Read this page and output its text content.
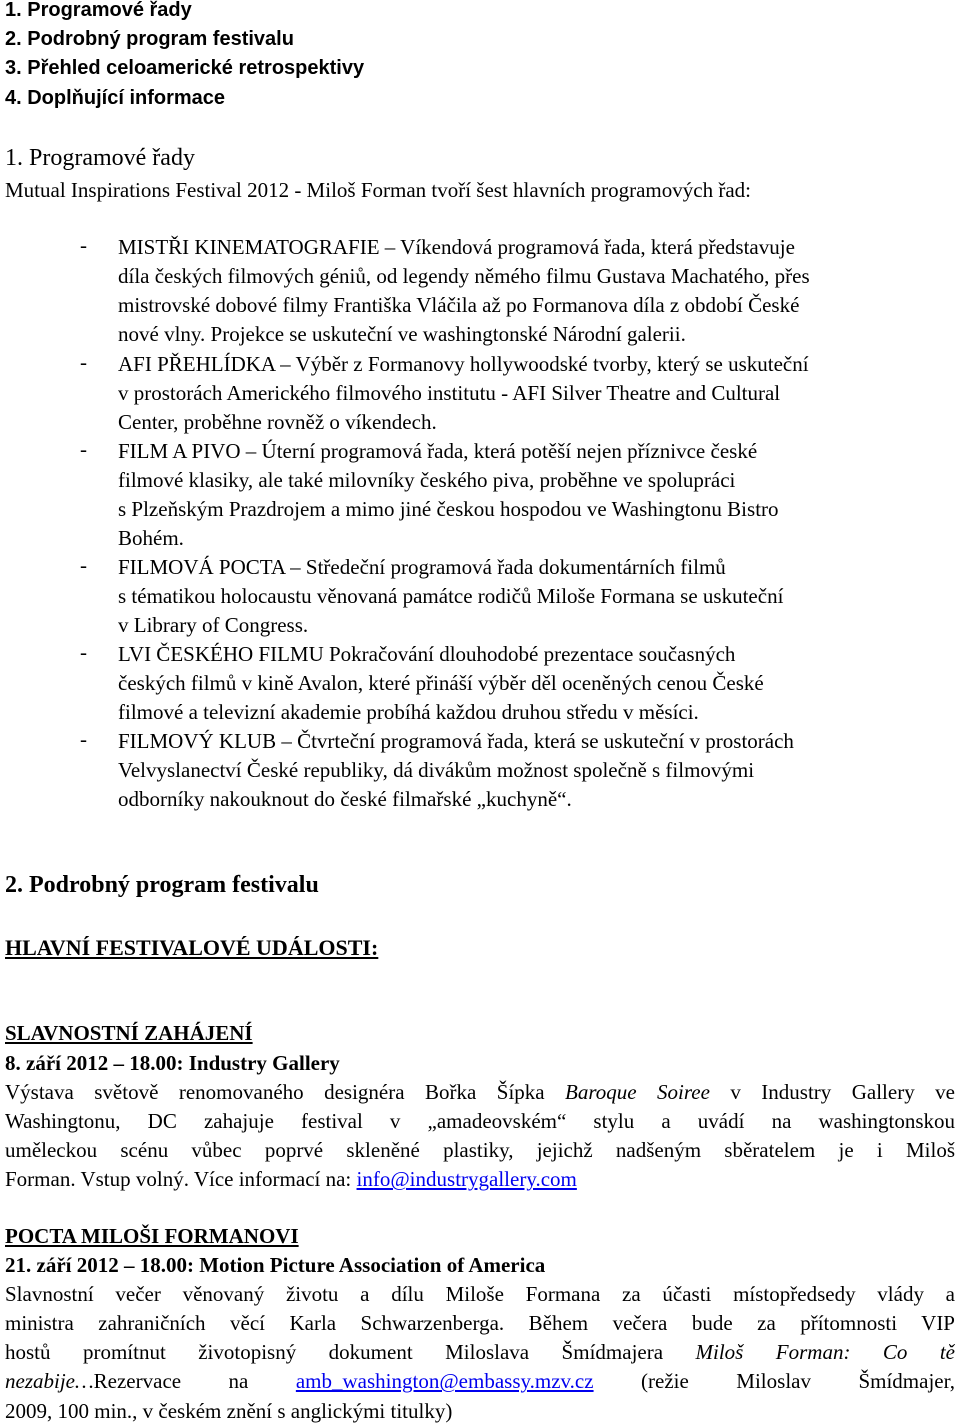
1. Programové řady
2. Podrobný program festivalu
3. Přehled celoamerické retrospektivy
4. Doplňující informace
1. Programové řady
Mutual Inspirations Festival 2012 - Miloš Forman tvoří šest hlavních programových řad:
- MISTŘI KINEMATOGRAFIE – Víkendová programová řada, která představuje
díla českých filmových géniů, od legendy němého filmu Gustava Machatého, přes
mistrovské dobové filmy Františka Vláčila až po Formanova díla z období České
nové vlny. Projekce se uskuteční ve washingtonské Národní galerii.
- AFI PŘEHLÍDKA – Výběr z Formanovy hollywoodské tvorby, který se uskuteční
v prostorách Amerického filmového institutu - AFI Silver Theatre and Cultural
Center, proběhne rovněž o víkendech.
- FILM A PIVO – Úterní programová řada, která potěší nejen příznivce české
filmové klasiky, ale také milovníky českého piva, proběhne ve spolupráci
s Plzeňským Prazdrojem a mimo jiné českou hospodou ve Washingtonu Bistro
Bohém.
- FILMOVÁ POCTA – Středeční programová řada dokumentárních filmů
s tématikou holocaustu věnovaná památce rodičů Miloše Formana se uskuteční
v Library of Congress.
- LVI ČESKÉHO FILMU Pokračování dlouhodobé prezentace současných
českých filmů v kině Avalon, které přináší výběr děl oceněných cenou České
filmové a televizní akademie probíhá každou druhou středu v měsíci.
- FILMOVÝ KLUB – Čtvrteční programová řada, která se uskuteční v prostorách
Velvyslanectví České republiky, dá divákům možnost společně s filmovými
odborníky nakouknout do české filmařské „kuchyně“.
2. Podrobný program festivalu
HLAVNÍ FESTIVALOVÉ UDÁLOSTI:
SLAVNOSTNÍ ZAHÁJENÍ
8. září 2012 – 18.00: Industry Gallery
Výstava světově renomovaného designéra Bořka Šípka Baroque Soiree v Industry Gallery ve
Washingtonu, DC zahajuje festival v „amadeovském“ stylu a uvádí na washingtonskou
uměleckou scénu vůbec poprvé skleněné plastiky, jejichž nadšeným sběratelem je i Miloš
Forman. Vstup volný. Více informací na: info@industrygallery.com
POCTA MILOŠI FORMANOVI
21. září 2012 – 18.00: Motion Picture Association of America
Slavnostní večer věnovaný životu a dílu Miloše Formana za účasti místopředsedy vlády a
ministra zahraničních věcí Karla Schwarzenberga. Během večera bude za přítomnosti VIP
hostů promítnut životopisný dokument Miloslava Šmídmajera Miloš Forman: Co tě
nezabije…Rezervace na amb_washington@embassy.mzv.cz (režie Miloslav Šmídmajer,
2009, 100 min., v českém znění s anglickými titulky)
